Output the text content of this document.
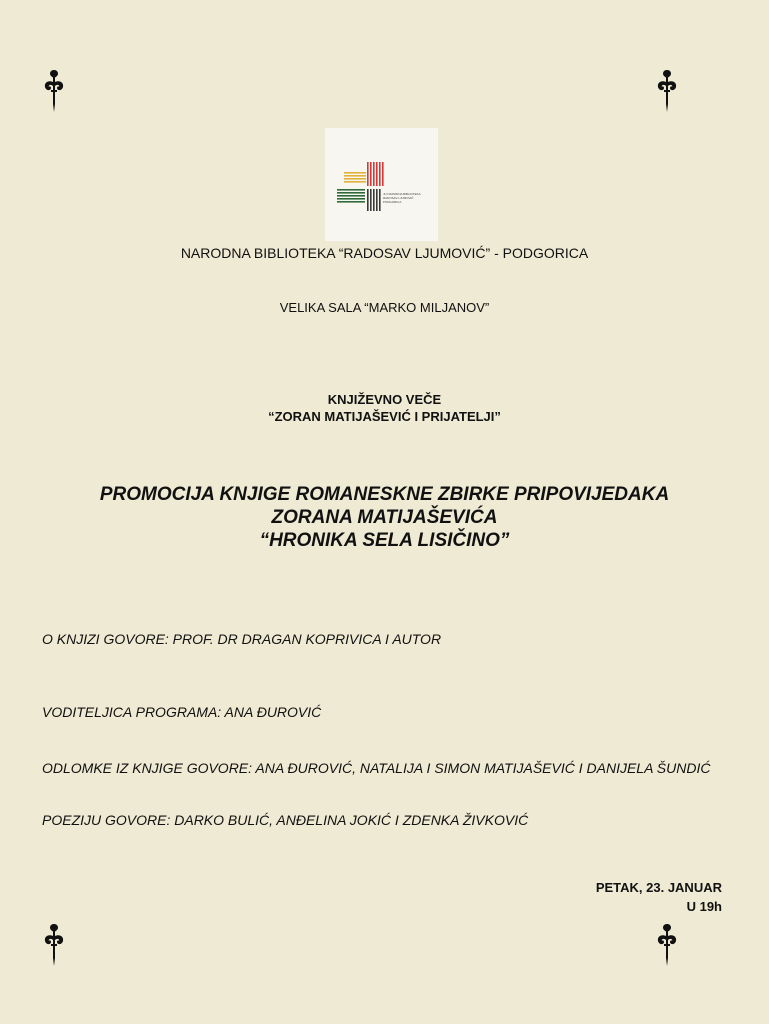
JU NARODNA BIBLIOTEKA
RADOSAV LJUMOVIĆ
PODGORICA
NARODNA BIBLIOTEKA “RADOSAV LJUMOVIĆ” - PODGORICA
VELIKA SALA “MARKO MILJANOV”
KNJIŽEVNO VEČE
“ZORAN MATIJAŠEVIĆ I PRIJATELJI”
PROMOCIJA KNJIGE ROMANESKNE ZBIRKE PRIPOVIJEDAKA
ZORANA MATIJAŠEVIĆA
“HRONIKA SELA LISIČINO”
O KNJIZI GOVORE: PROF. DR DRAGAN KOPRIVICA I AUTOR
VODITELJICA PROGRAMA: ANA ĐUROVIĆ
ODLOMKE IZ KNJIGE GOVORE: ANA ĐUROVIĆ, NATALIJA I SIMON MATIJAŠEVIĆ I DANIJELA ŠUNDIĆ
POEZIJU GOVORE: DARKO BULIĆ, ANĐELINA JOKIĆ I ZDENKA ŽIVKOVIĆ
PETAK, 23. JANUAR
U 19h
